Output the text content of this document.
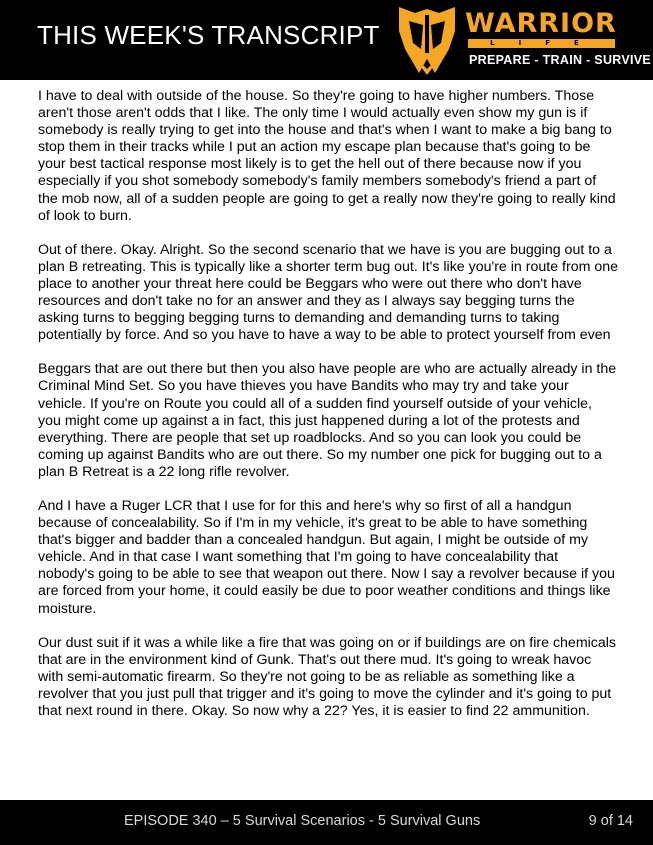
THIS WEEK'S TRANSCRIPT	WARRIOR
LIFE
PREPARE - TRAIN - SURVIVE

I have to deal with outside of the house. So they're going to have higher numbers. Those aren't those aren't odds that I like. The only time I would actually even show my gun is if somebody is really trying to get into the house and that's when I want to make a big bang to stop them in their tracks while I put an action my escape plan because that's going to be your best tactical response most likely is to get the hell out of there because now if you especially if you shot somebody somebody's family members somebody's friend a part of the mob now, all of a sudden people are going to get a really now they're going to really kind of look to burn.

Out of there. Okay. Alright. So the second scenario that we have is you are bugging out to a plan B retreating. This is typically like a shorter term bug out. It's like you're in route from one place to another your threat here could be Beggars who were out there who don't have resources and don't take no for an answer and they as I always say begging turns the asking turns to begging begging turns to demanding and demanding turns to taking potentially by force. And so you have to have a way to be able to protect yourself from even

Beggars that are out there but then you also have people are who are actually already in the Criminal Mind Set. So you have thieves you have Bandits who may try and take your vehicle. If you're on Route you could all of a sudden find yourself outside of your vehicle, you might come up against a in fact, this just happened during a lot of the protests and everything. There are people that set up roadblocks. And so you can look you could be coming up against Bandits who are out there. So my number one pick for bugging out to a plan B Retreat is a 22 long rifle revolver.

And I have a Ruger LCR that I use for for this and here's why so first of all a handgun because of concealability. So if I'm in my vehicle, it's great to be able to have something that's bigger and badder than a concealed handgun. But again, I might be outside of my vehicle. And in that case I want something that I'm going to have concealability that nobody's going to be able to see that weapon out there. Now I say a revolver because if you are forced from your home, it could easily be due to poor weather conditions and things like moisture.

Our dust suit if it was a while like a fire that was going on or if buildings are on fire chemicals that are in the environment kind of Gunk. That's out there mud. It's going to wreak havoc with semi-automatic firearm. So they're not going to be as reliable as something like a revolver that you just pull that trigger and it's going to move the cylinder and it's going to put that next round in there. Okay. So now why a 22? Yes, it is easier to find 22 ammunition.

EPISODE 340 – 5 Survival Scenarios - 5 Survival Guns	9 of 14
